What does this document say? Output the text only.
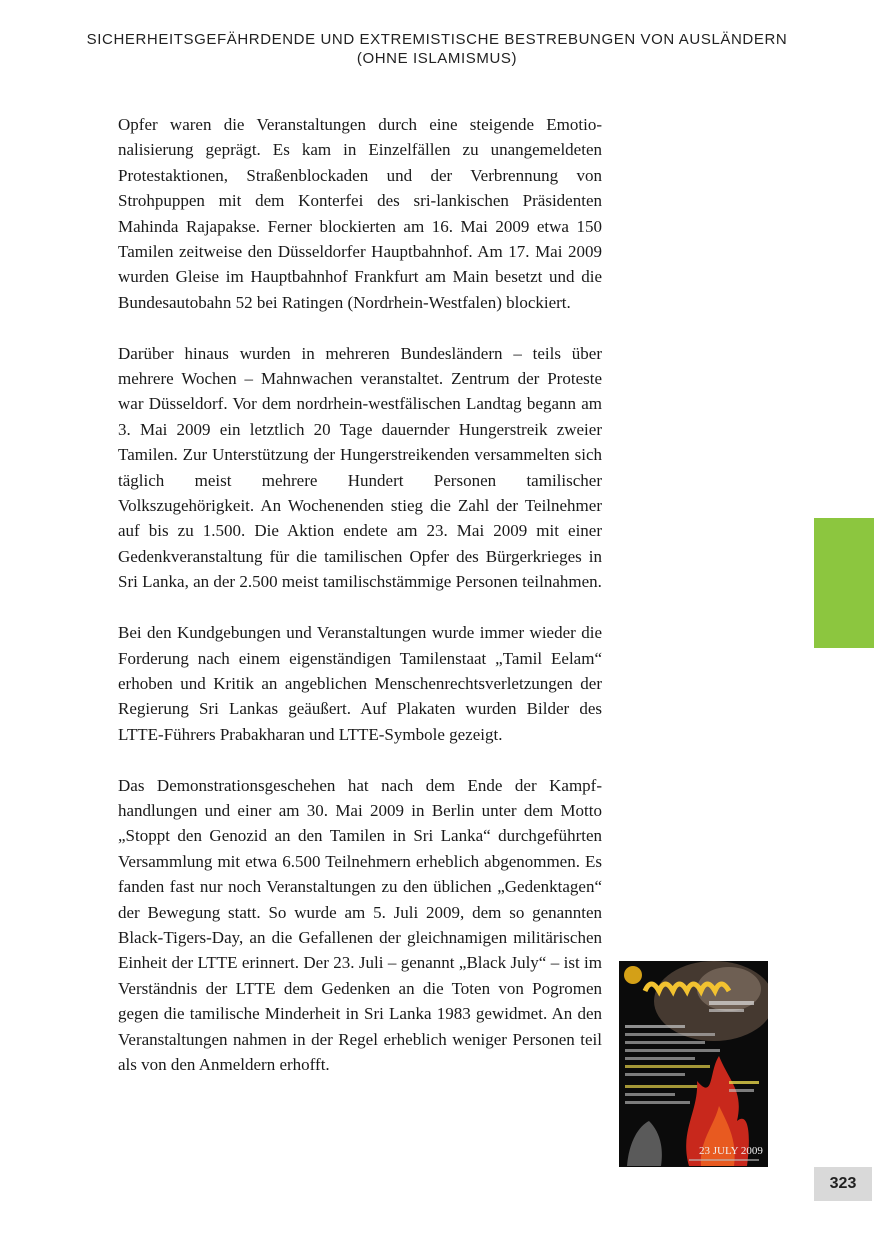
SICHERHEITSGEFÄHRDENDE UND EXTREMISTISCHE BESTREBUNGEN VON AUSLÄNDERN
(OHNE ISLAMISMUS)

Opfer waren die Veranstaltungen durch eine steigende Emotionalisierung geprägt. Es kam in Einzelfällen zu unangemeldeten Protestaktionen, Straßenblockaden und der Verbrennung von Strohpuppen mit dem Konterfei des sri-lankischen Präsidenten Mahinda Rajapakse. Ferner blockierten am 16. Mai 2009 etwa 150 Tamilen zeitweise den Düsseldorfer Hauptbahnhof. Am 17. Mai 2009 wurden Gleise im Hauptbahnhof Frankfurt am Main besetzt und die Bundesautobahn 52 bei Ratingen (Nordrhein-Westfalen) blockiert.

Darüber hinaus wurden in mehreren Bundesländern – teils über mehrere Wochen – Mahnwachen veranstaltet. Zentrum der Proteste war Düsseldorf. Vor dem nordrhein-westfälischen Landtag begann am 3. Mai 2009 ein letztlich 20 Tage dauernder Hungerstreik zweier Tamilen. Zur Unterstützung der Hungerstreikenden versammelten sich täglich meist mehrere Hundert Personen tamilischer Volkszugehörigkeit. An Wochenenden stieg die Zahl der Teilnehmer auf bis zu 1.500. Die Aktion endete am 23. Mai 2009 mit einer Gedenkveranstaltung für die tamilischen Opfer des Bürgerkrieges in Sri Lanka, an der 2.500 meist tamilischstämmige Personen teilnahmen.

Bei den Kundgebungen und Veranstaltungen wurde immer wieder die Forderung nach einem eigenständigen Tamilenstaat „Tamil Eelam“ erhoben und Kritik an angeblichen Menschenrechtsverletzungen der Regierung Sri Lankas geäußert. Auf Plakaten wurden Bilder des LTTE-Führers Prabakharan und LTTE-Symbole gezeigt.

Das Demonstrationsgeschehen hat nach dem Ende der Kampfhandlungen und einer am 30. Mai 2009 in Berlin unter dem Motto „Stoppt den Genozid an den Tamilen in Sri Lanka“ durchgeführten Versammlung mit etwa 6.500 Teilnehmern erheblich abgenommen. Es fanden fast nur noch Veranstaltungen zu den üblichen „Gedenktagen“ der Bewegung statt. So wurde am 5. Juli 2009, dem so genannten Black-Tigers-Day, an die Gefallenen der gleichnamigen militärischen Einheit der LTTE erinnert. Der 23. Juli – genannt „Black July“ – ist im Verständnis der LTTE dem Gedenken an die Toten von Pogromen gegen die tamilische Minderheit in Sri Lanka 1983 gewidmet. An den Veranstaltungen nahmen in der Regel erheblich weniger Personen teil als von den Anmeldern erhofft.

23 JULY 2009
323
